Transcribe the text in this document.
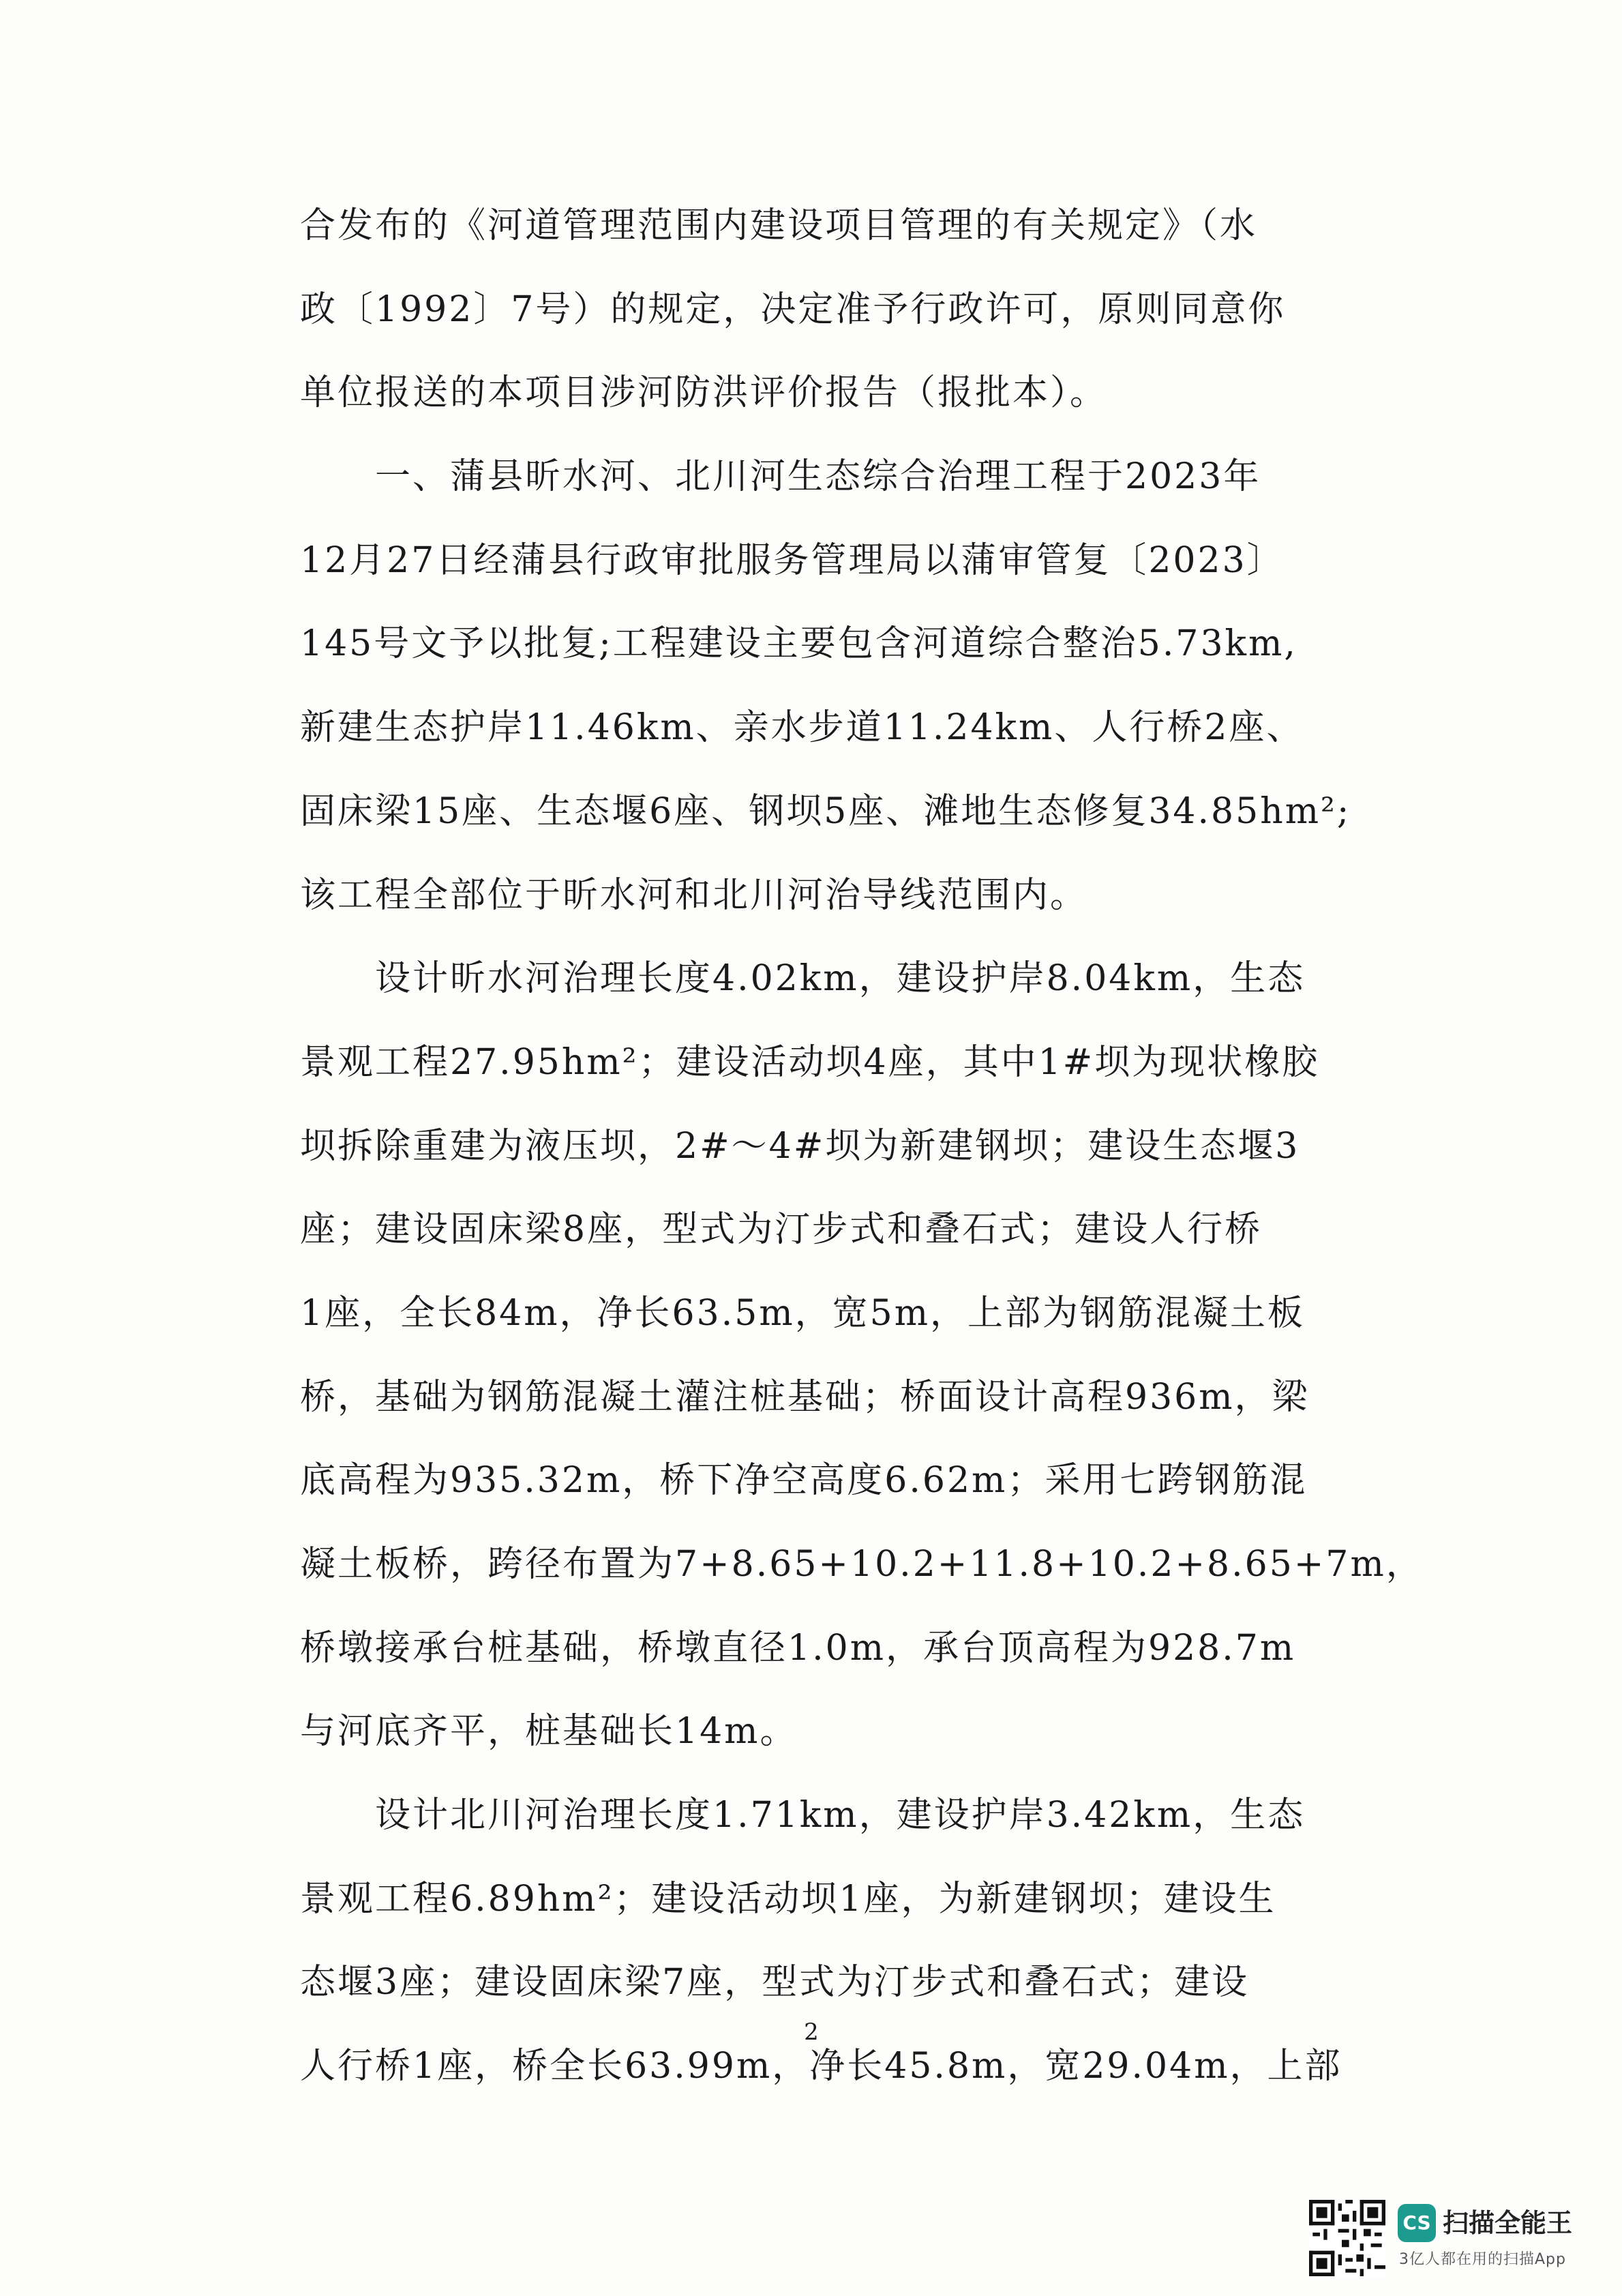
合发布的《河道管理范围内建设项目管理的有关规定》（水
政〔1992〕7号）的规定，决定准予行政许可，原则同意你
单位报送的本项目涉河防洪评价报告（报批本）。
一、蒲县昕水河、北川河生态综合治理工程于2023年
12月27日经蒲县行政审批服务管理局以蒲审管复〔2023〕
145号文予以批复;工程建设主要包含河道综合整治5.73km,
新建生态护岸11.46km、亲水步道11.24km、人行桥2座、
固床梁15座、生态堰6座、钢坝5座、滩地生态修复34.85hm²;
该工程全部位于昕水河和北川河治导线范围内。
设计昕水河治理长度4.02km，建设护岸8.04km，生态
景观工程27.95hm²；建设活动坝4座，其中1#坝为现状橡胶
坝拆除重建为液压坝，2#～4#坝为新建钢坝；建设生态堰3
座；建设固床梁8座，型式为汀步式和叠石式；建设人行桥
1座，全长84m，净长63.5m，宽5m，上部为钢筋混凝土板
桥，基础为钢筋混凝土灌注桩基础；桥面设计高程936m，梁
底高程为935.32m，桥下净空高度6.62m；采用七跨钢筋混
凝土板桥，跨径布置为7+8.65+10.2+11.8+10.2+8.65+7m，
桥墩接承台桩基础，桥墩直径1.0m，承台顶高程为928.7m
与河底齐平，桩基础长14m。
设计北川河治理长度1.71km，建设护岸3.42km，生态
景观工程6.89hm²；建设活动坝1座，为新建钢坝；建设生
态堰3座；建设固床梁7座，型式为汀步式和叠石式；建设
人行桥1座，桥全长63.99m，净长45.8m，宽29.04m，上部
2
CS 扫描全能王
3亿人都在用的扫描App
